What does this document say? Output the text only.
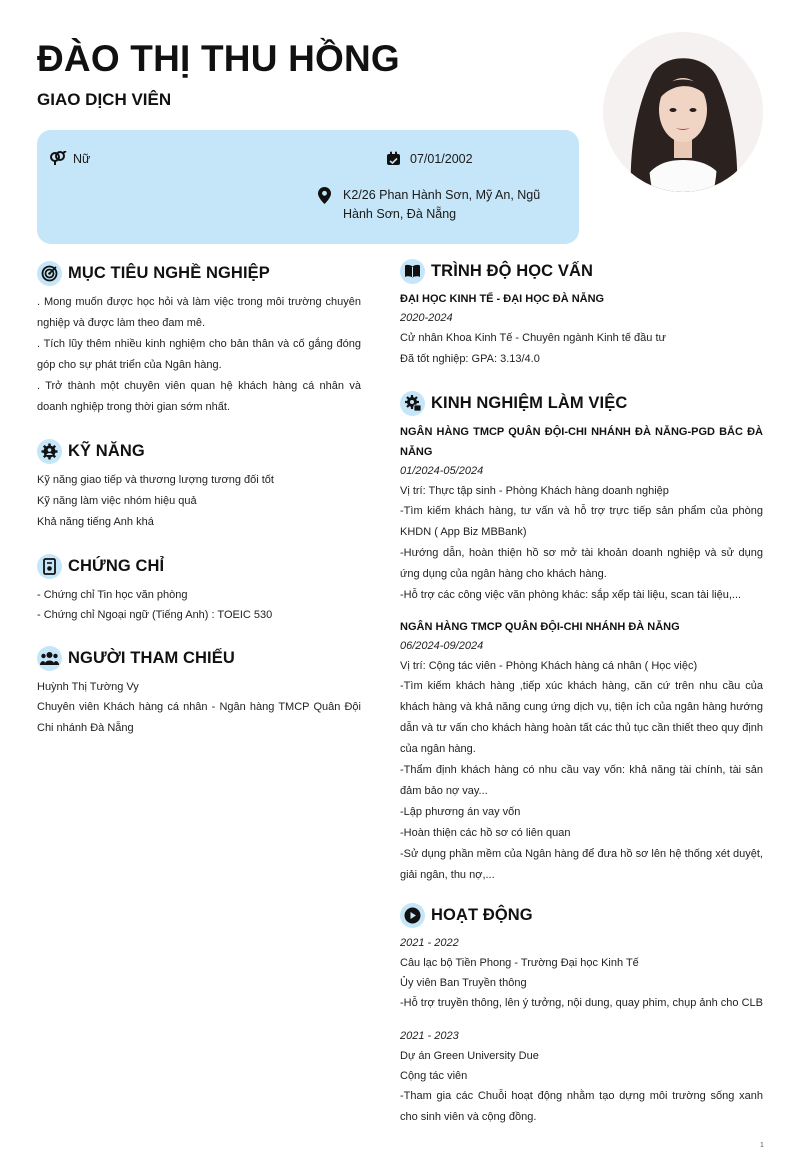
ĐÀO THỊ THU HỒNG
GIAO DỊCH VIÊN
Nữ	07/01/2002
K2/26 Phan Hành Sơn, Mỹ An, Ngũ
Hành Sơn, Đà Nẵng
MỤC TIÊU NGHỀ NGHIỆP
. Mong muốn được học hỏi và làm việc trong môi trường chuyên nghiệp và được làm theo đam mê.
. Tích lũy thêm nhiều kinh nghiệm cho bản thân và cố gắng đóng góp cho sự phát triển của Ngân hàng.
. Trở thành một chuyên viên quan hệ khách hàng cá nhân và doanh nghiệp trong thời gian sớm nhất.
KỸ NĂNG
Kỹ năng giao tiếp và thương lượng tương đối tốt
Kỹ năng làm việc nhóm hiệu quả
Khả năng tiếng Anh khá
CHỨNG CHỈ
- Chứng chỉ Tin học văn phòng
- Chứng chỉ Ngoại ngữ (Tiếng Anh) : TOEIC 530
NGƯỜI THAM CHIẾU
Huỳnh Thị Tường Vy
Chuyên viên Khách hàng cá nhân - Ngân hàng TMCP Quân Đội Chi nhánh Đà Nẵng
TRÌNH ĐỘ HỌC VẤN
ĐẠI HỌC KINH TẾ - ĐẠI HỌC ĐÀ NẴNG
2020-2024
Cử nhân Khoa Kinh Tế - Chuyên ngành Kinh tế đầu tư
Đã tốt nghiệp: GPA: 3.13/4.0
KINH NGHIỆM LÀM VIỆC
NGÂN HÀNG TMCP QUÂN ĐỘI-CHI NHÁNH ĐÀ NẴNG-PGD BẮC ĐÀ NẴNG
01/2024-05/2024
Vị trí: Thực tập sinh - Phòng Khách hàng doanh nghiệp
-Tìm kiếm khách hàng, tư vấn và hỗ trợ trực tiếp sản phẩm của phòng KHDN ( App Biz MBBank)
-Hướng dẫn, hoàn thiện hồ sơ mở tài khoản doanh nghiệp và sử dụng ứng dụng của ngân hàng cho khách hàng.
-Hỗ trợ các công việc văn phòng khác: sắp xếp tài liệu, scan tài liệu,...
NGÂN HÀNG TMCP QUÂN ĐỘI-CHI NHÁNH ĐÀ NẴNG
06/2024-09/2024
Vị trí: Cộng tác viên - Phòng Khách hàng cá nhân ( Học việc)
-Tìm kiếm khách hàng ,tiếp xúc khách hàng, căn cứ trên nhu cầu của khách hàng và khả năng cung ứng dịch vụ, tiện ích của ngân hàng hướng dẫn và tư vấn cho khách hàng hoàn tất các thủ tục cần thiết theo quy định của ngân hàng.
-Thẩm định khách hàng có nhu cầu vay vốn: khả năng tài chính, tài sản đảm bảo nợ vay...
-Lập phương án vay vốn
-Hoàn thiện các hồ sơ có liên quan
-Sử dụng phần mềm của Ngân hàng để đưa hồ sơ lên hệ thống xét duyệt, giải ngân, thu nợ,...
HOẠT ĐỘNG
2021 - 2022
Câu lạc bộ Tiền Phong - Trường Đại học Kinh Tế
Ủy viên Ban Truyền thông
-Hỗ trợ truyền thông, lên ý tưởng, nội dung, quay phim, chụp ảnh cho CLB
2021 - 2023
Dự án Green University Due
Cộng tác viên
-Tham gia các Chuỗi hoạt động nhằm tạo dựng môi trường sống xanh cho sinh viên và cộng đồng.
1
